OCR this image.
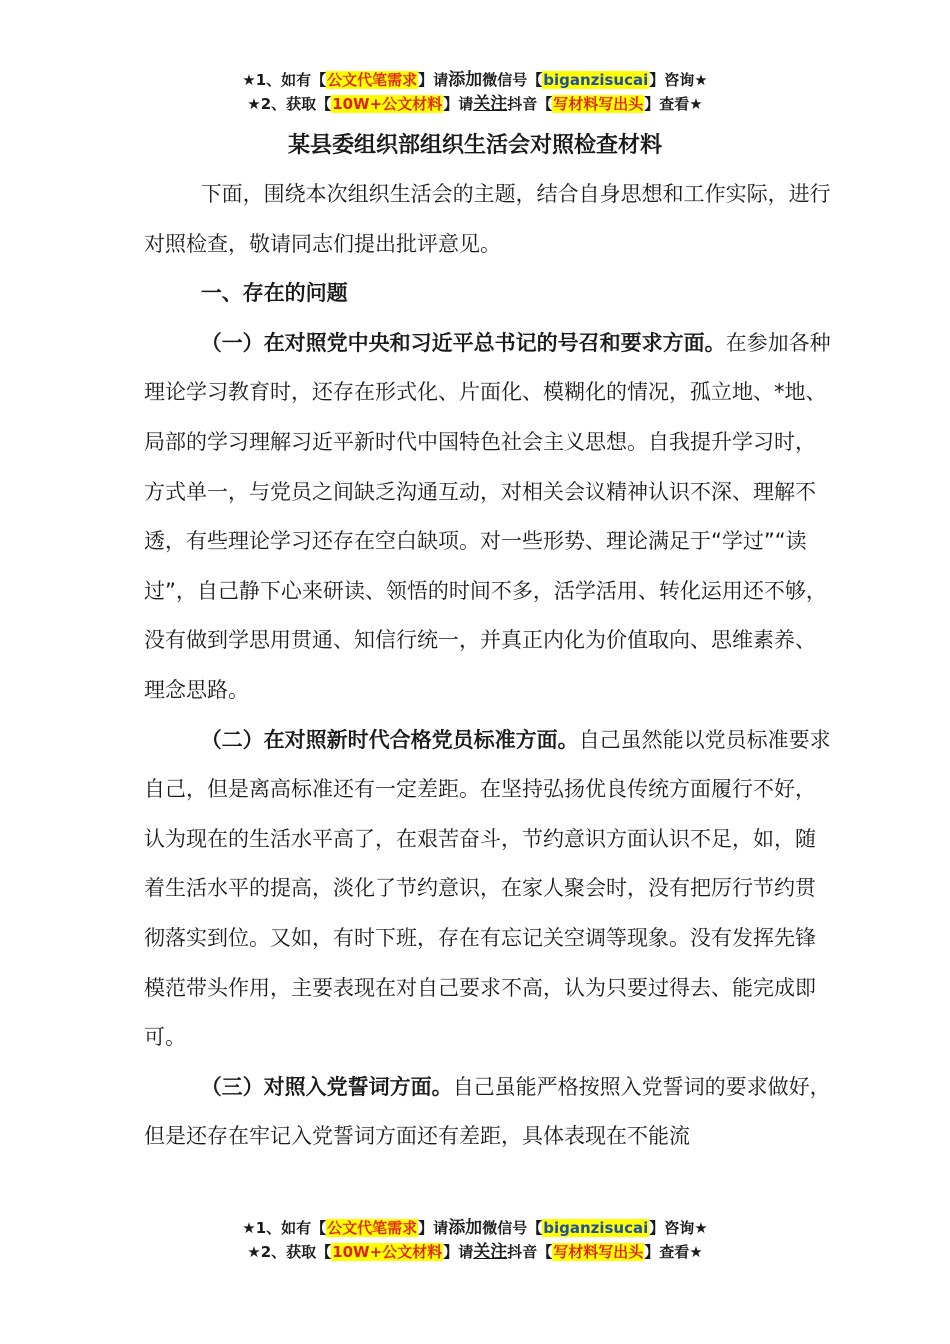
★1、如有【公文代笔需求】请添加微信号【biganzisucai】咨询★
★2、获取【10W+公文材料】请关注抖音【写材料写出头】查看★
某县委组织部组织生活会对照检查材料

下面，围绕本次组织生活会的主题，结合自身思想和工作实际，进行对照检查，敬请同志们提出批评意见。

一、存在的问题

（一）在对照党中央和习近平总书记的号召和要求方面。在参加各种理论学习教育时，还存在形式化、片面化、模糊化的情况，孤立地、*地、局部的学习理解习近平新时代中国特色社会主义思想。自我提升学习时，方式单一，与党员之间缺乏沟通互动，对相关会议精神认识不深、理解不透，有些理论学习还存在空白缺项。对一些形势、理论满足于“学过”“读过”，自己静下心来研读、领悟的时间不多，活学活用、转化运用还不够，没有做到学思用贯通、知信行统一，并真正内化为价值取向、思维素养、理念思路。

（二）在对照新时代合格党员标准方面。自己虽然能以党员标准要求自己，但是离高标准还有一定差距。在坚持弘扬优良传统方面履行不好，认为现在的生活水平高了，在艰苦奋斗，节约意识方面认识不足，如，随着生活水平的提高，淡化了节约意识，在家人聚会时，没有把厉行节约贯彻落实到位。又如，有时下班，存在有忘记关空调等现象。没有发挥先锋模范带头作用，主要表现在对自己要求不高，认为只要过得去、能完成即可。

（三）对照入党誓词方面。自己虽能严格按照入党誓词的要求做好，但是还存在牢记入党誓词方面还有差距，具体表现在不能流

★1、如有【公文代笔需求】请添加微信号【biganzisucai】咨询★
★2、获取【10W+公文材料】请关注抖音【写材料写出头】查看★
